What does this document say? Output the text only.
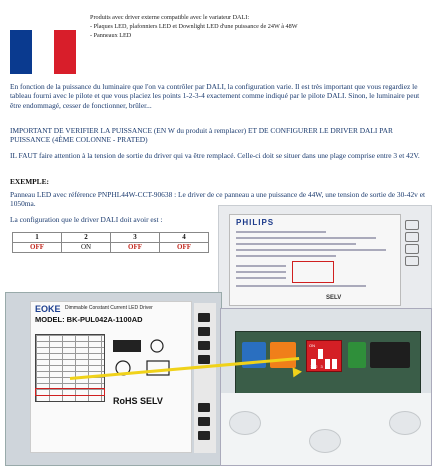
Produits avec driver externe compatible avec le variateur DALI:
- Plaques LED, plafonniers LED et Downlight LED d'une puissance de 24W à 48W
- Panneaux LED
En fonction de la puissance du luminaire que l'on va contrôler par DALI, la configuration varie. Il est très important que vous regardiez le tableau fourni avec le pilote et que vous placiez les points 1-2-3-4 exactement comme indiqué par le pilote DALI. Sinon, le luminaire peut être endommagé, cesser de fonctionner, brûler...
IMPORTANT DE VERIFIER LA PUISSANCE (EN W du produit à remplacer) ET DE CONFIGURER LE DRIVER DALI PAR PUISSANCE (4ÈME COLONNE - PRATED)
IL FAUT faire attention à la tension de sortie du driver qui va être remplacé. Celle-ci doit se situer dans une plage comprise entre 3 et 42V.
EXEMPLE:
Panneau LED avec référence PNPHL44W-CCT-90638 : Le driver de ce panneau a une puissance de 44W, une tension de sortie de 30-42v et 1050ma.
La configuration que le driver DALI doit avoir est :
1	2	3	4
OFF	ON	OFF	OFF
PHILIPS
SELV
EOKE Dimmable Constant Current LED Driver
MODEL: BK-PUL042A-1100AD
RoHS SELV
ON
1234
